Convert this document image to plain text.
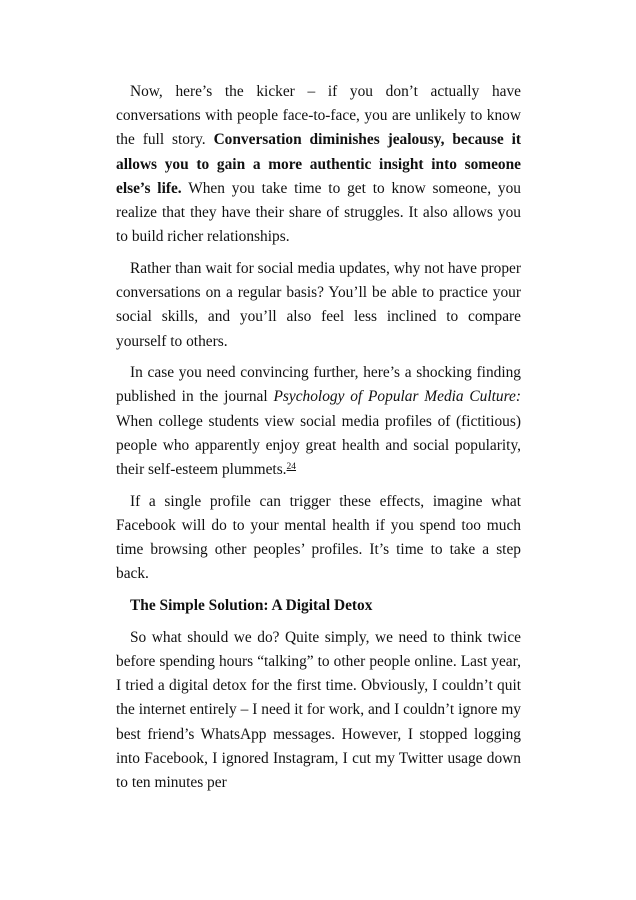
Now, here’s the kicker – if you don’t actually have conversations with people face-to-face, you are unlikely to know the full story. Conversation diminishes jealousy, because it allows you to gain a more authentic insight into someone else’s life. When you take time to get to know someone, you realize that they have their share of struggles. It also allows you to build richer relationships.

Rather than wait for social media updates, why not have proper conversations on a regular basis? You’ll be able to practice your social skills, and you’ll also feel less inclined to compare yourself to others.

In case you need convincing further, here’s a shocking finding published in the journal Psychology of Popular Media Culture: When college students view social media profiles of (fictitious) people who apparently enjoy great health and social popularity, their self-esteem plummets.$^{24}$

If a single profile can trigger these effects, imagine what Facebook will do to your mental health if you spend too much time browsing other peoples’ profiles. It’s time to take a step back.

The Simple Solution: A Digital Detox

So what should we do? Quite simply, we need to think twice before spending hours “talking” to other people online. Last year, I tried a digital detox for the first time. Obviously, I couldn’t quit the internet entirely – I need it for work, and I couldn’t ignore my best friend’s WhatsApp messages. However, I stopped logging into Facebook, I ignored Instagram, I cut my Twitter usage down to ten minutes per
